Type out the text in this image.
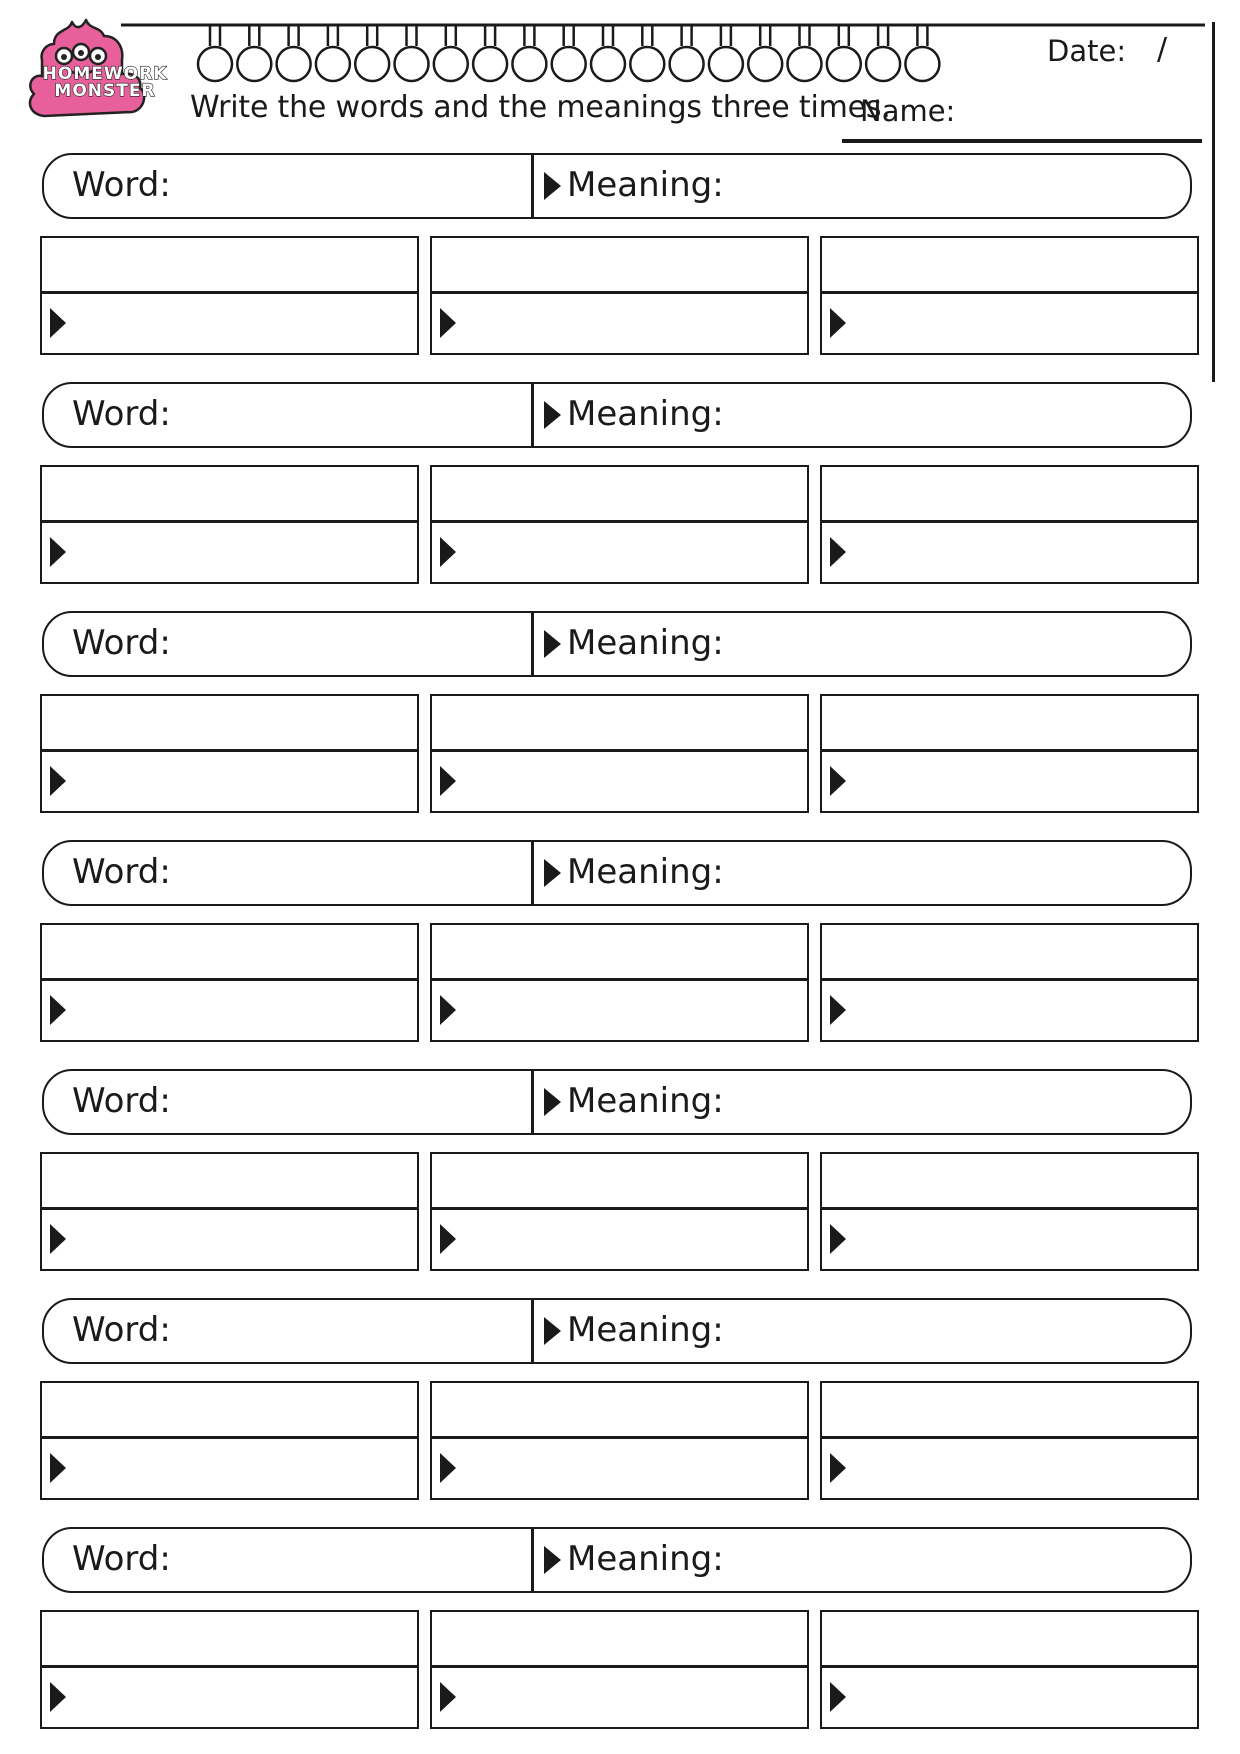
HOMEWORK
MONSTER
Date: /
Write the words and the meanings three times.
Name:
Word:	Meaning:
Word:	Meaning:
Word:	Meaning:
Word:	Meaning:
Word:	Meaning:
Word:	Meaning:
Word:	Meaning:
